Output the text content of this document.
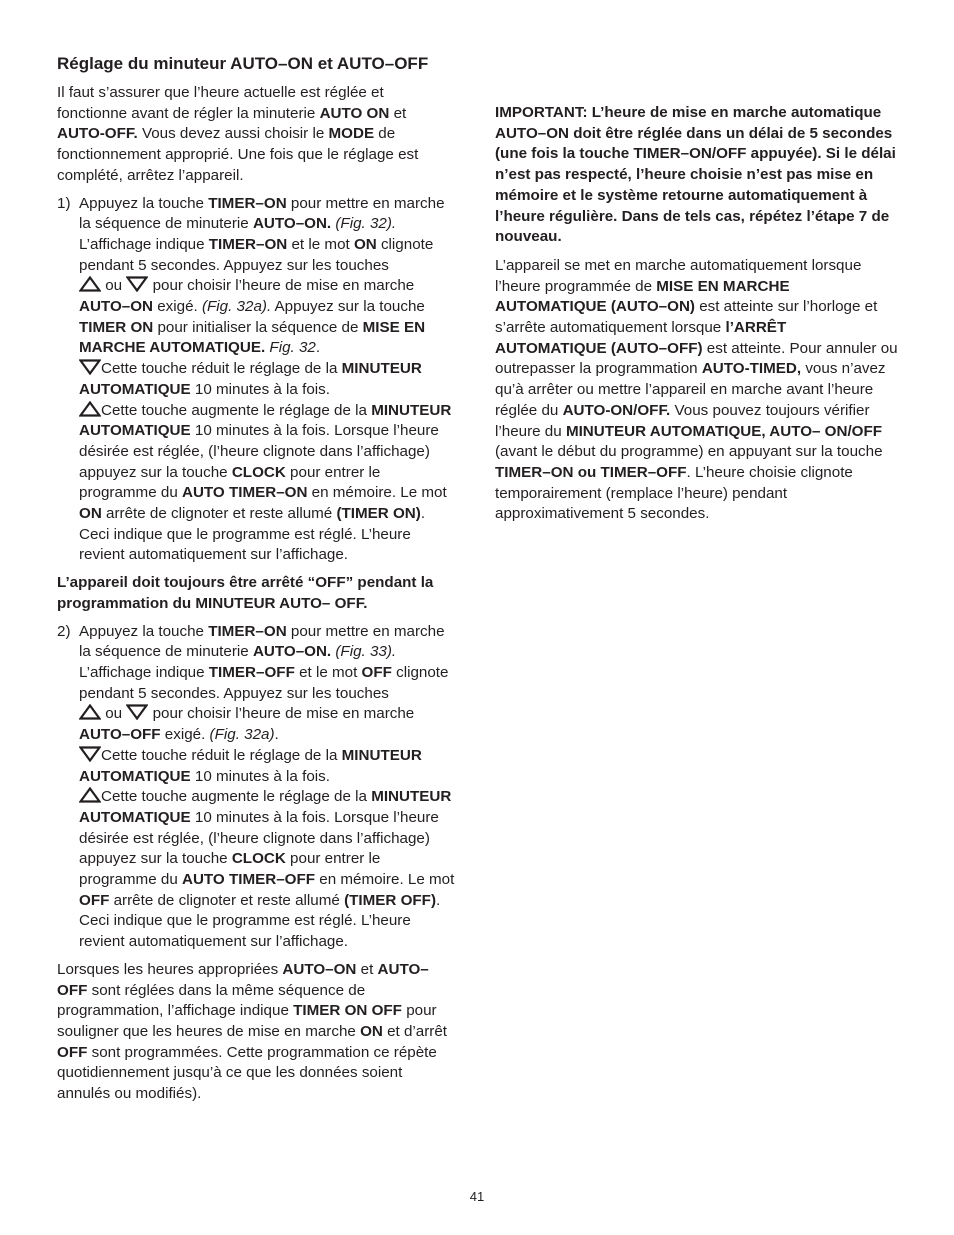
Réglage du minuteur AUTO–ON et AUTO–OFF

Il faut s’assurer que l’heure actuelle est réglée et fonctionne avant de régler la minuterie AUTO ON et AUTO-OFF. Vous devez aussi choisir le MODE de fonctionnement approprié. Une fois que le réglage est complété, arrêtez l’appareil.

1) Appuyez la touche TIMER–ON pour mettre en marche la séquence de minuterie AUTO–ON. (Fig. 32). L’affichage indique TIMER–ON et le mot ON clignote pendant 5 secondes. Appuyez sur les touches
ou
pour choisir l’heure de mise en marche AUTO–ON exigé. (Fig. 32a). Appuyez sur la touche TIMER ON pour initialiser la séquence de MISE EN MARCHE AUTOMATIQUE. Fig. 32.
Cette touche réduit le réglage de la MINUTEUR AUTOMATIQUE 10 minutes à la fois.
Cette touche augmente le réglage de la MINUTEUR AUTOMATIQUE 10 minutes à la fois. Lorsque l’heure désirée est réglée, (l’heure clignote dans l’affichage) appuyez sur la touche CLOCK pour entrer le programme du AUTO TIMER–ON en mémoire. Le mot ON arrête de clignoter et reste allumé (TIMER ON). Ceci indique que le programme est réglé. L’heure revient automatiquement sur l’affichage.

L’appareil doit toujours être arrêté “OFF” pendant la programmation du MINUTEUR AUTO– OFF.

2) Appuyez la touche TIMER–ON pour mettre en marche la séquence de minuterie AUTO–ON. (Fig. 33). L’affichage indique TIMER–OFF et le mot OFF clignote pendant 5 secondes. Appuyez sur les touches
ou
pour choisir l’heure de mise en marche AUTO–OFF exigé. (Fig. 32a).
Cette touche réduit le réglage de la MINUTEUR AUTOMATIQUE 10 minutes à la fois.
Cette touche augmente le réglage de la MINUTEUR AUTOMATIQUE 10 minutes à la fois. Lorsque l’heure désirée est réglée, (l’heure clignote dans l’affichage) appuyez sur la touche CLOCK pour entrer le programme du AUTO TIMER–OFF en mémoire. Le mot OFF arrête de clignoter et reste allumé (TIMER OFF). Ceci indique que le programme est réglé. L’heure revient automatiquement sur l’affichage.

Lorsques les heures appropriées AUTO–ON et AUTO–OFF sont réglées dans la même séquence de programmation, l’affichage indique TIMER ON OFF pour souligner que les heures de mise en marche ON et d’arrêt OFF sont programmées. Cette programmation ce répète quotidiennement jusqu’à ce que les données soient annulés ou modifiés).

IMPORTANT: L’heure de mise en marche automatique AUTO–ON doit être réglée dans un délai de 5 secondes (une fois la touche TIMER–ON/OFF appuyée). Si le délai n’est pas respecté, l’heure choisie n’est pas mise en mémoire et le système retourne automatiquement à l’heure régulière. Dans de tels cas, répétez l’étape 7 de nouveau.

L’appareil se met en marche automatiquement lorsque l’heure programmée de MISE EN MARCHE AUTOMATIQUE (AUTO–ON) est atteinte sur l’horloge et s’arrête automatiquement lorsque l’ARRÊT AUTOMATIQUE (AUTO–OFF) est atteinte. Pour annuler ou outrepasser la programmation AUTO-TIMED, vous n’avez qu’à arrêter ou mettre l’appareil en marche avant l’heure réglée du AUTO-ON/OFF. Vous pouvez toujours vérifier l’heure du MINUTEUR AUTOMATIQUE, AUTO– ON/OFF (avant le début du programme) en appuyant sur la touche TIMER–ON ou TIMER–OFF. L’heure choisie clignote temporairement (remplace l’heure) pendant approximativement 5 secondes.

41
